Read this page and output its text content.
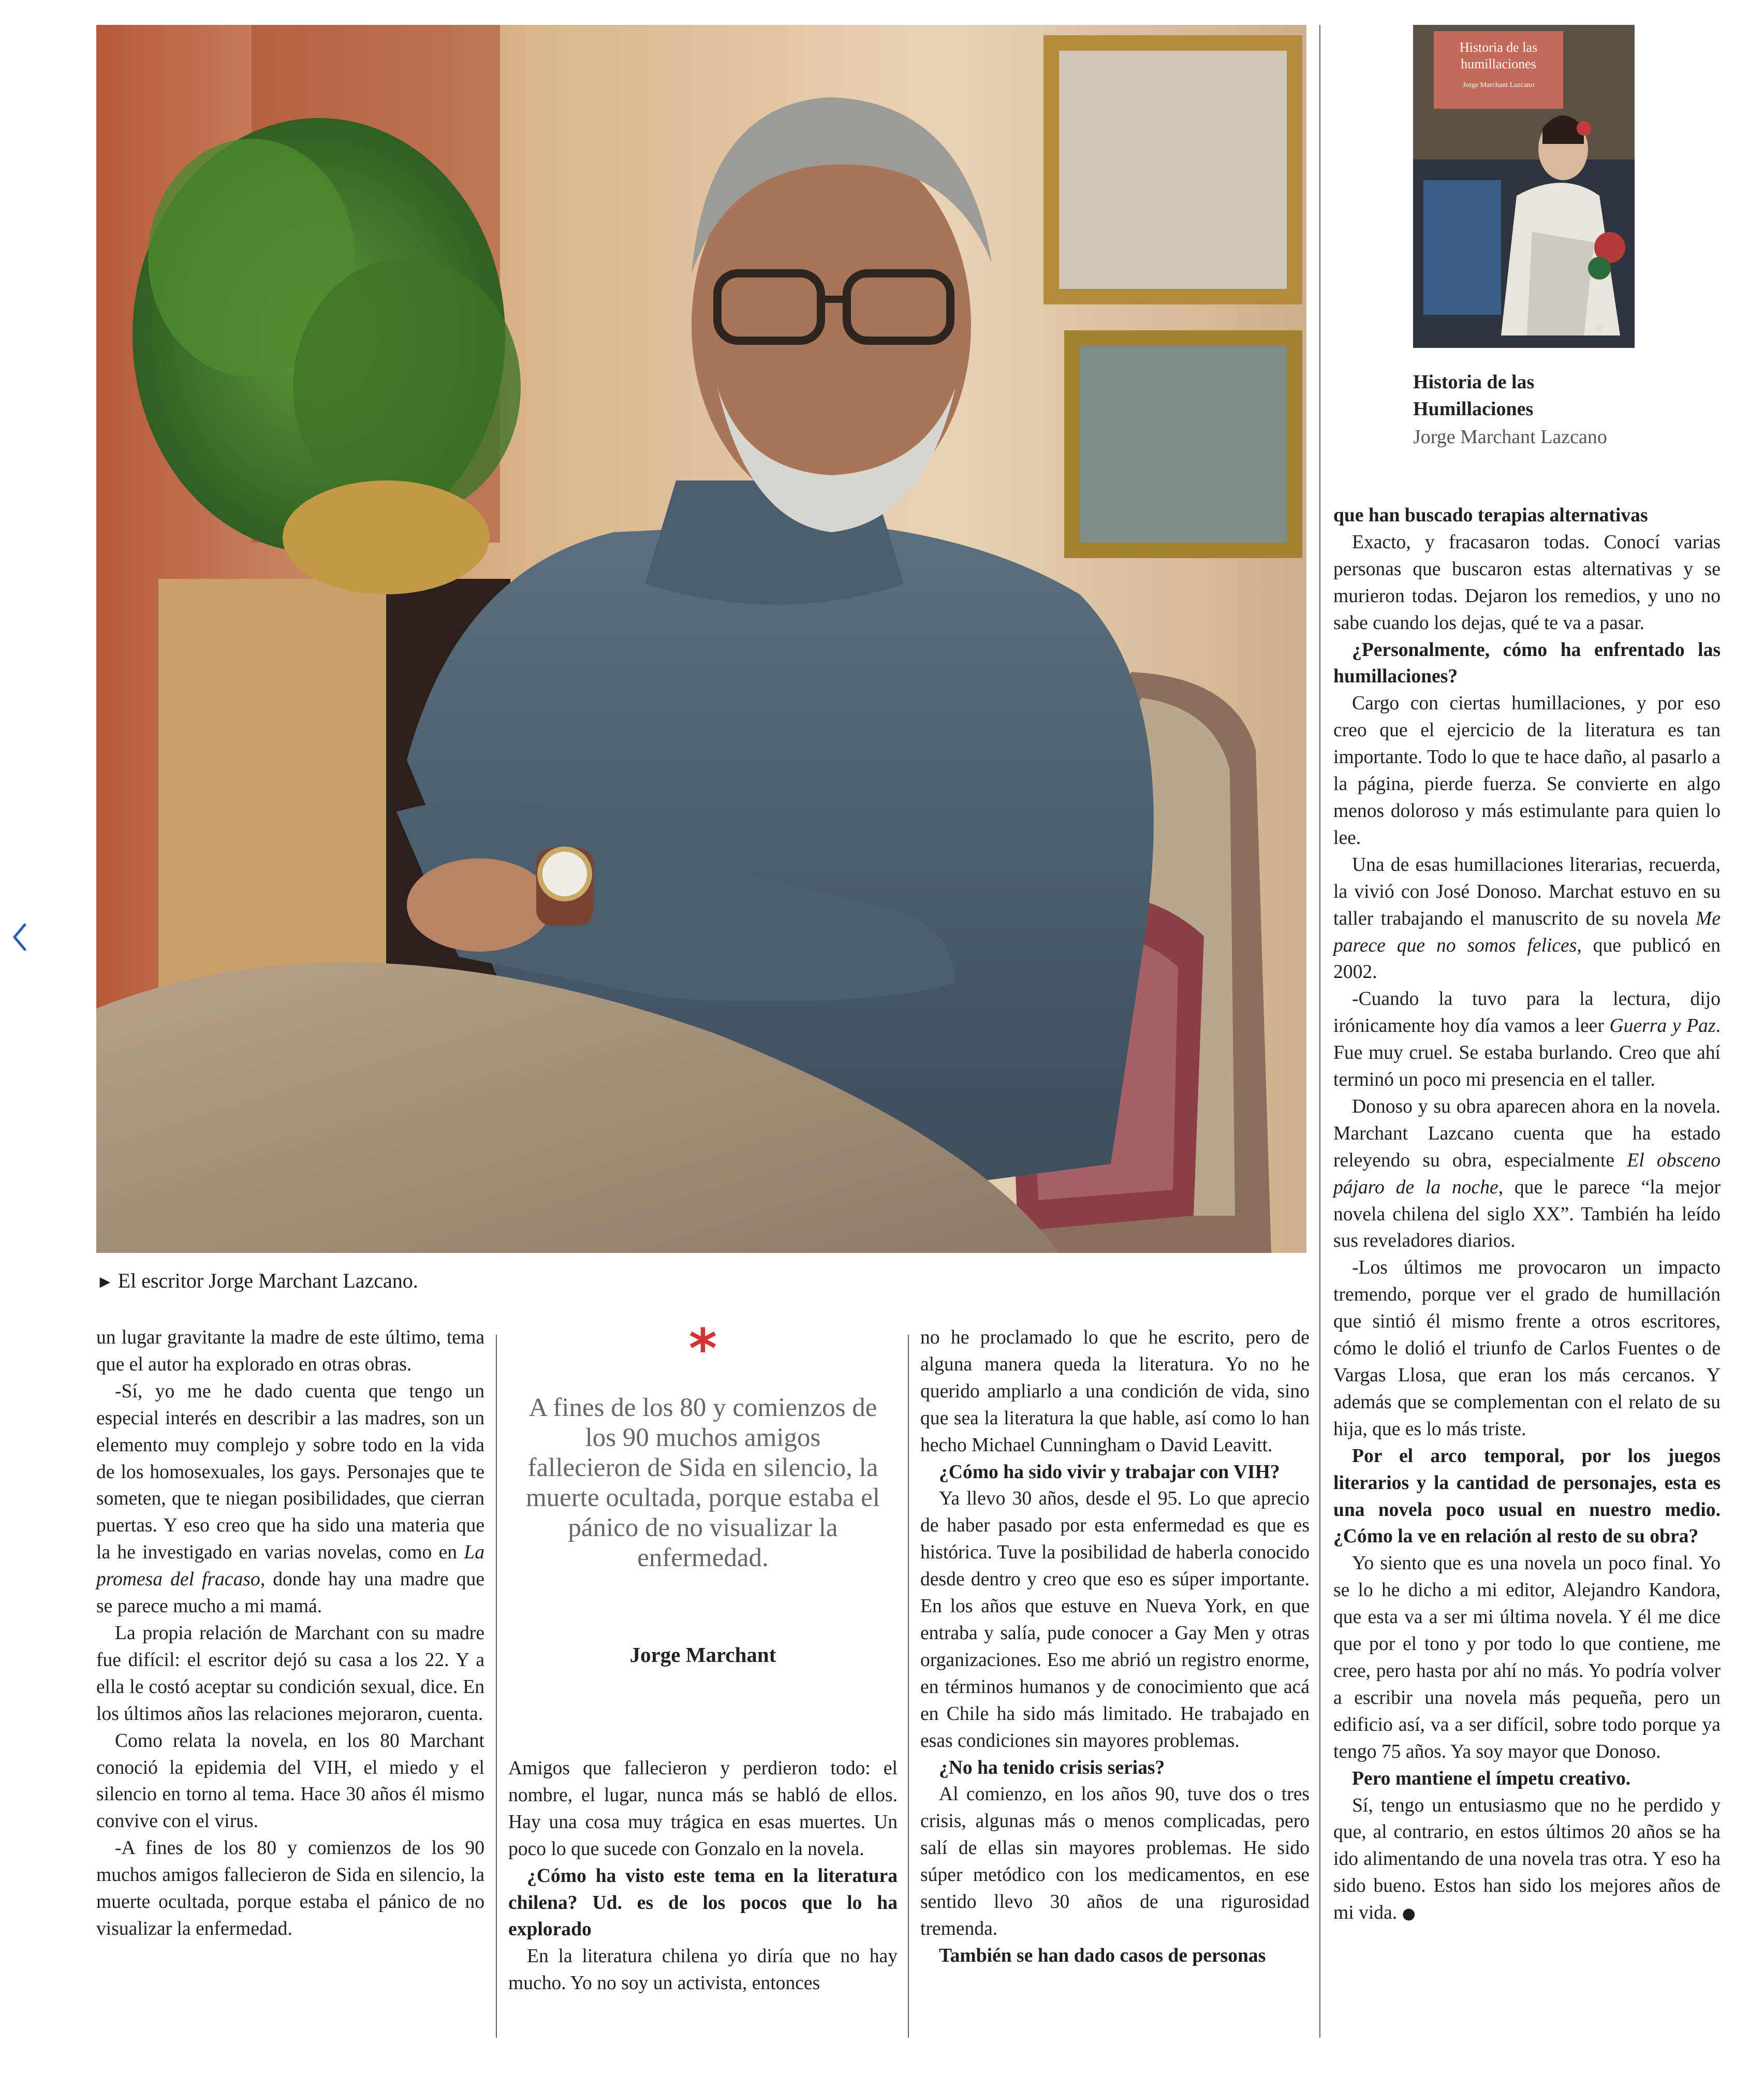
► El escritor Jorge Marchant Lazcano.
Historia de las
humillaciones
Jorge Marchant Lazcano
☆
Historia de las Humillaciones
Jorge Marchant Lazcano

un lugar gravitante la madre de este último, tema que el autor ha explorado en otras obras.

-Sí, yo me he dado cuenta que tengo un especial interés en describir a las madres, son un elemento muy complejo y sobre todo en la vida de los homosexuales, los gays. Personajes que te someten, que te niegan posibilidades, que cierran puertas. Y eso creo que ha sido una materia que la he investigado en varias novelas, como en La promesa del fracaso, donde hay una madre que se parece mucho a mi mamá.

La propia relación de Marchant con su madre fue difícil: el escritor dejó su casa a los 22. Y a ella le costó aceptar su condición sexual, dice. En los últimos años las relaciones mejoraron, cuenta.

Como relata la novela, en los 80 Marchant conoció la epidemia del VIH, el miedo y el silencio en torno al tema. Hace 30 años él mismo convive con el virus.

-A fines de los 80 y comienzos de los 90 muchos amigos fallecieron de Sida en silencio, la muerte ocultada, porque estaba el pánico de no visualizar la enfermedad.

*
A fines de los 80 y comienzos de los 90 muchos amigos fallecieron de Sida en silencio, la muerte ocultada, porque estaba el pánico de no visualizar la enfermedad.
Jorge Marchant

Amigos que fallecieron y perdieron todo: el nombre, el lugar, nunca más se habló de ellos. Hay una cosa muy trágica en esas muertes. Un poco lo que sucede con Gonzalo en la novela.

¿Cómo ha visto este tema en la literatura chilena? Ud. es de los pocos que lo ha explorado

En la literatura chilena yo diría que no hay mucho. Yo no soy un activista, entonces

no he proclamado lo que he escrito, pero de alguna manera queda la literatura. Yo no he querido ampliarlo a una condición de vida, sino que sea la literatura la que hable, así como lo han hecho Michael Cunningham o David Leavitt.

¿Cómo ha sido vivir y trabajar con VIH?

Ya llevo 30 años, desde el 95. Lo que aprecio de haber pasado por esta enfermedad es que es histórica. Tuve la posibilidad de haberla conocido desde dentro y creo que eso es súper importante. En los años que estuve en Nueva York, en que entraba y salía, pude conocer a Gay Men y otras organizaciones. Eso me abrió un registro enorme, en términos humanos y de conocimiento que acá en Chile ha sido más limitado. He trabajado en esas condiciones sin mayores problemas.

¿No ha tenido crisis serias?

Al comienzo, en los años 90, tuve dos o tres crisis, algunas más o menos complicadas, pero salí de ellas sin mayores problemas. He sido súper metódico con los medicamentos, en ese sentido llevo 30 años de una rigurosidad tremenda.

También se han dado casos de personas

que han buscado terapias alternativas

Exacto, y fracasaron todas. Conocí varias personas que buscaron estas alternativas y se murieron todas. Dejaron los remedios, y uno no sabe cuando los dejas, qué te va a pasar.

¿Personalmente, cómo ha enfrentado las humillaciones?

Cargo con ciertas humillaciones, y por eso creo que el ejercicio de la literatura es tan importante. Todo lo que te hace daño, al pasarlo a la página, pierde fuerza. Se convierte en algo menos doloroso y más estimulante para quien lo lee.

Una de esas humillaciones literarias, recuerda, la vivió con José Donoso. Marchat estuvo en su taller trabajando el manuscrito de su novela Me parece que no somos felices, que publicó en 2002.

-Cuando la tuvo para la lectura, dijo irónicamente hoy día vamos a leer Guerra y Paz. Fue muy cruel. Se estaba burlando. Creo que ahí terminó un poco mi presencia en el taller.

Donoso y su obra aparecen ahora en la novela. Marchant Lazcano cuenta que ha estado releyendo su obra, especialmente El obsceno pájaro de la noche, que le parece “la mejor novela chilena del siglo XX”. También ha leído sus reveladores diarios.

-Los últimos me provocaron un impacto tremendo, porque ver el grado de humillación que sintió él mismo frente a otros escritores, cómo le dolió el triunfo de Carlos Fuentes o de Vargas Llosa, que eran los más cercanos. Y además que se complementan con el relato de su hija, que es lo más triste.

Por el arco temporal, por los juegos literarios y la cantidad de personajes, esta es una novela poco usual en nuestro medio. ¿Cómo la ve en relación al resto de su obra?

Yo siento que es una novela un poco final. Yo se lo he dicho a mi editor, Alejandro Kandora, que esta va a ser mi última novela. Y él me dice que por el tono y por todo lo que contiene, me cree, pero hasta por ahí no más. Yo podría volver a escribir una novela más pequeña, pero un edificio así, va a ser difícil, sobre todo porque ya tengo 75 años. Ya soy mayor que Donoso.

Pero mantiene el ímpetu creativo.

Sí, tengo un entusiasmo que no he perdido y que, al contrario, en estos últimos 20 años se ha ido alimentando de una novela tras otra. Y eso ha sido bueno. Estos han sido los mejores años de mi vida. ●
